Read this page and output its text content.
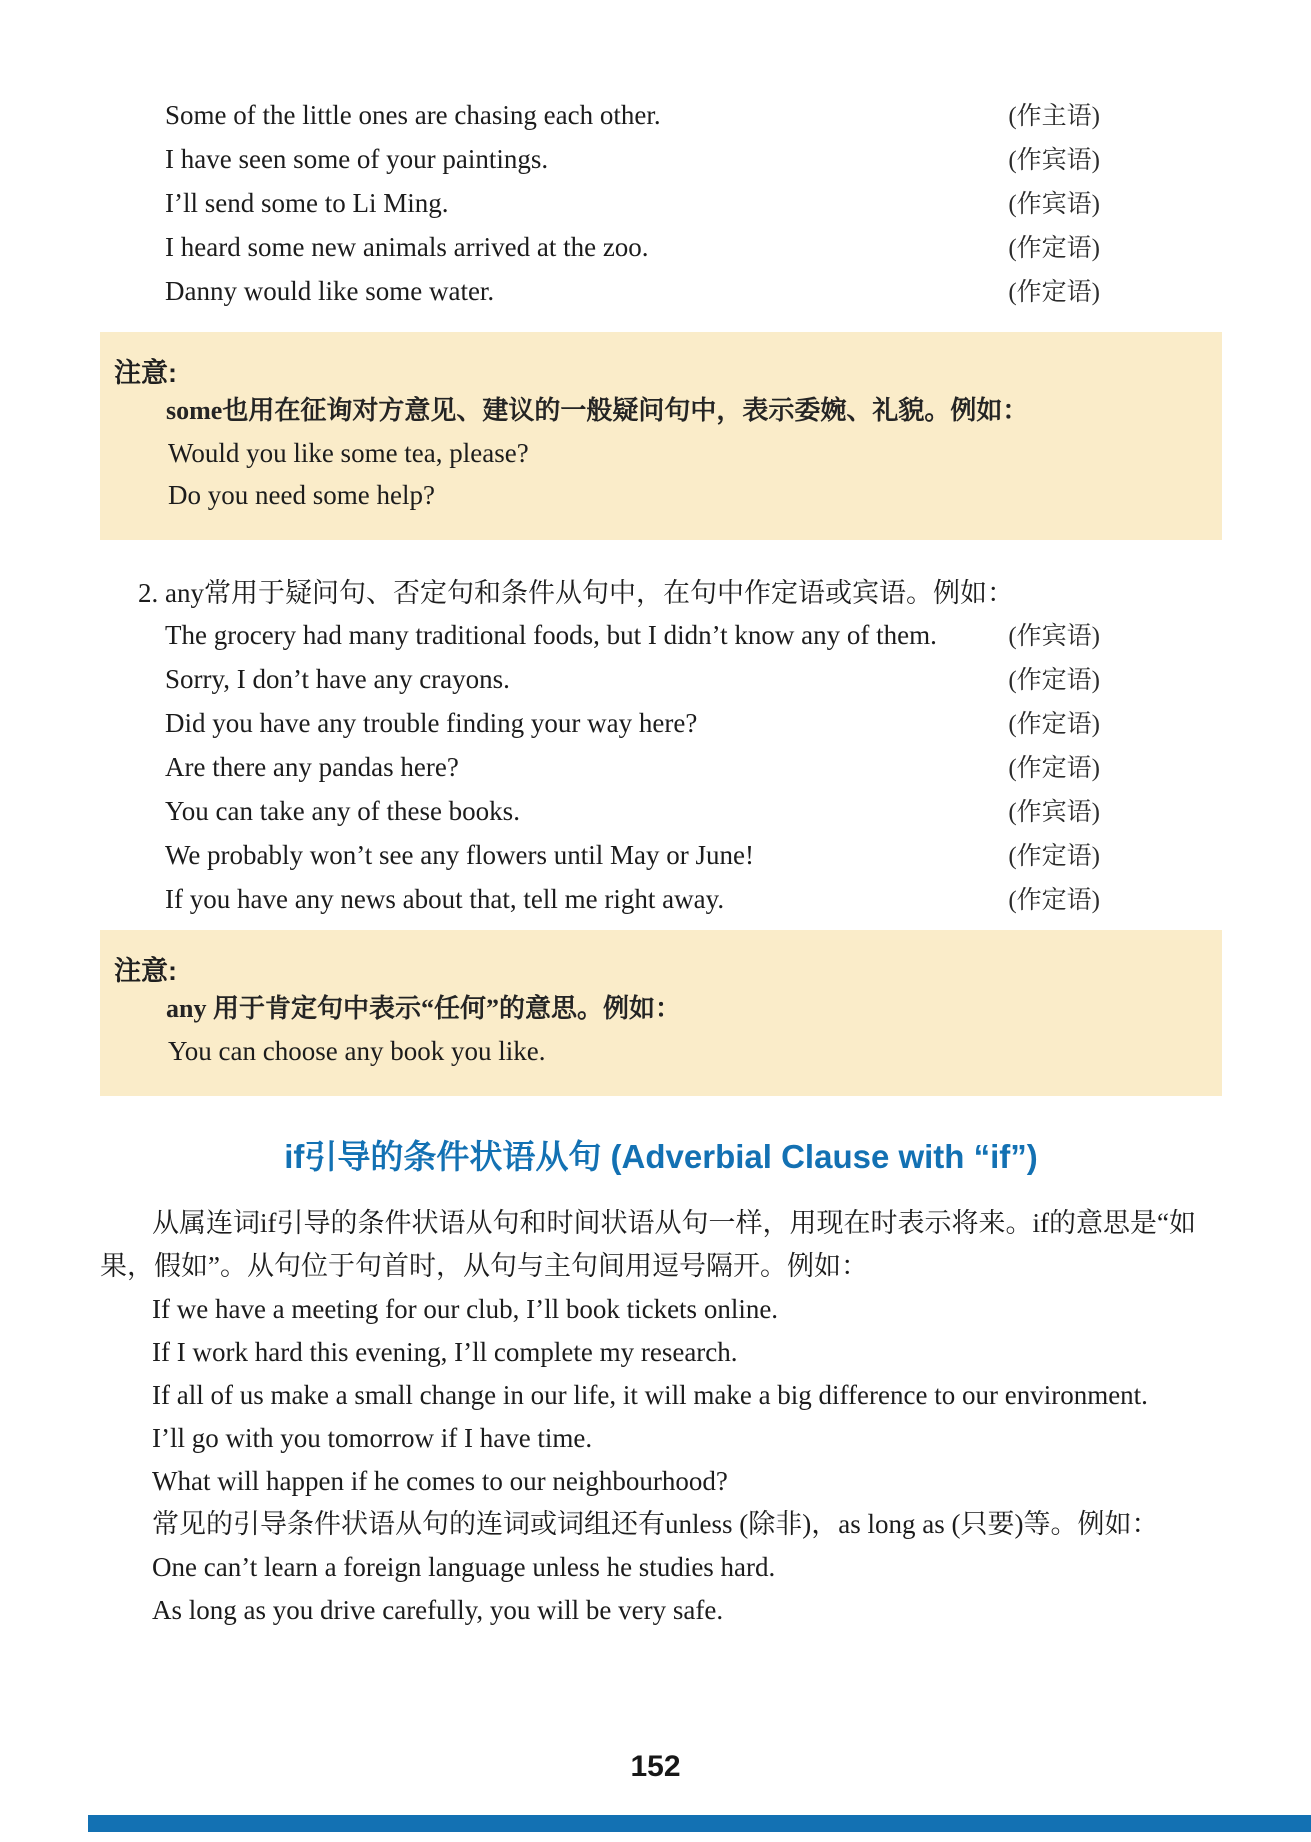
Some of the little ones are chasing each other.	(作主语)
I have seen some of your paintings.	(作宾语)
I’ll send some to Li Ming.	(作宾语)
I heard some new animals arrived at the zoo.	(作定语)
Danny would like some water.	(作定语)
注意:
some也用在征询对方意见、建议的一般疑问句中，表示委婉、礼貌。例如：
Would you like some tea, please?
Do you need some help?
2. any常用于疑问句、否定句和条件从句中，在句中作定语或宾语。例如：
The grocery had many traditional foods, but I didn’t know any of them.	(作宾语)
Sorry, I don’t have any crayons.	(作定语)
Did you have any trouble finding your way here?	(作定语)
Are there any pandas here?	(作定语)
You can take any of these books.	(作宾语)
We probably won’t see any flowers until May or June!	(作定语)
If you have any news about that, tell me right away.	(作定语)
注意:
any 用于肯定句中表示“任何”的意思。例如：
You can choose any book you like.
if引导的条件状语从句 (Adverbial Clause with “if”)
从属连词if引导的条件状语从句和时间状语从句一样，用现在时表示将来。if的意思是“如
果，假如”。从句位于句首时，从句与主句间用逗号隔开。例如：
If we have a meeting for our club, I’ll book tickets online.
If I work hard this evening, I’ll complete my research.
If all of us make a small change in our life, it will make a big difference to our environment.
I’ll go with you tomorrow if I have time.
What will happen if he comes to our neighbourhood?
常见的引导条件状语从句的连词或词组还有unless (除非)，as long as (只要)等。例如：
One can’t learn a foreign language unless he studies hard.
As long as you drive carefully, you will be very safe.
152
